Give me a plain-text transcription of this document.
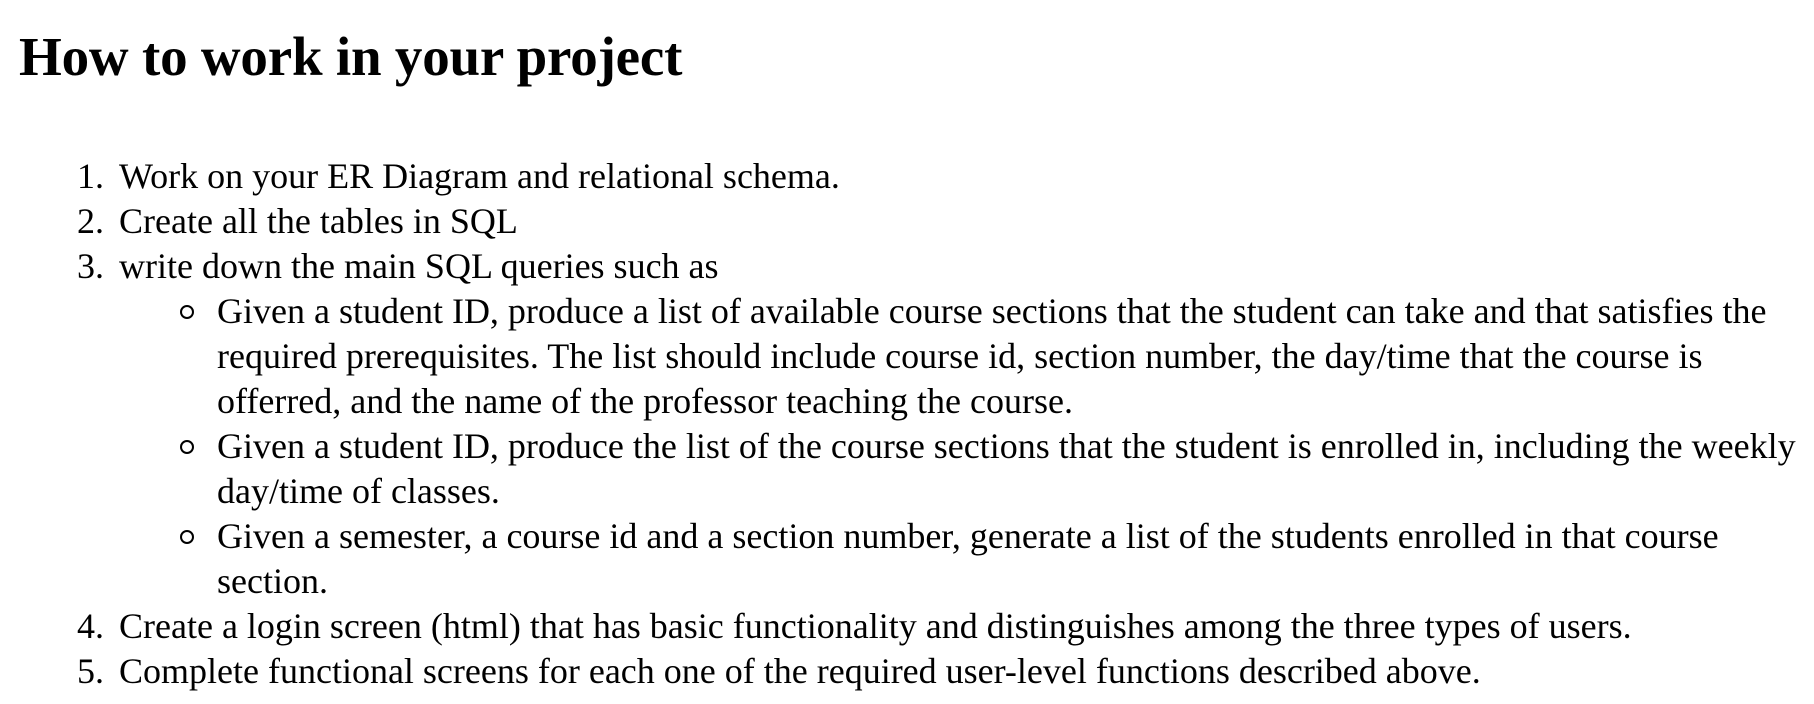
How to work in your project
1. Work on your ER Diagram and relational schema.
2. Create all the tables in SQL
3. write down the main SQL queries such as
Given a student ID, produce a list of available course sections that the student can take and that satisfies the required prerequisites. The list should include course id, section number, the day/time that the course is offerred, and the name of the professor teaching the course.
Given a student ID, produce the list of the course sections that the student is enrolled in, including the weekly day/time of classes.
Given a semester, a course id and a section number, generate a list of the students enrolled in that course section.
4. Create a login screen (html) that has basic functionality and distinguishes among the three types of users.
5. Complete functional screens for each one of the required user-level functions described above.
